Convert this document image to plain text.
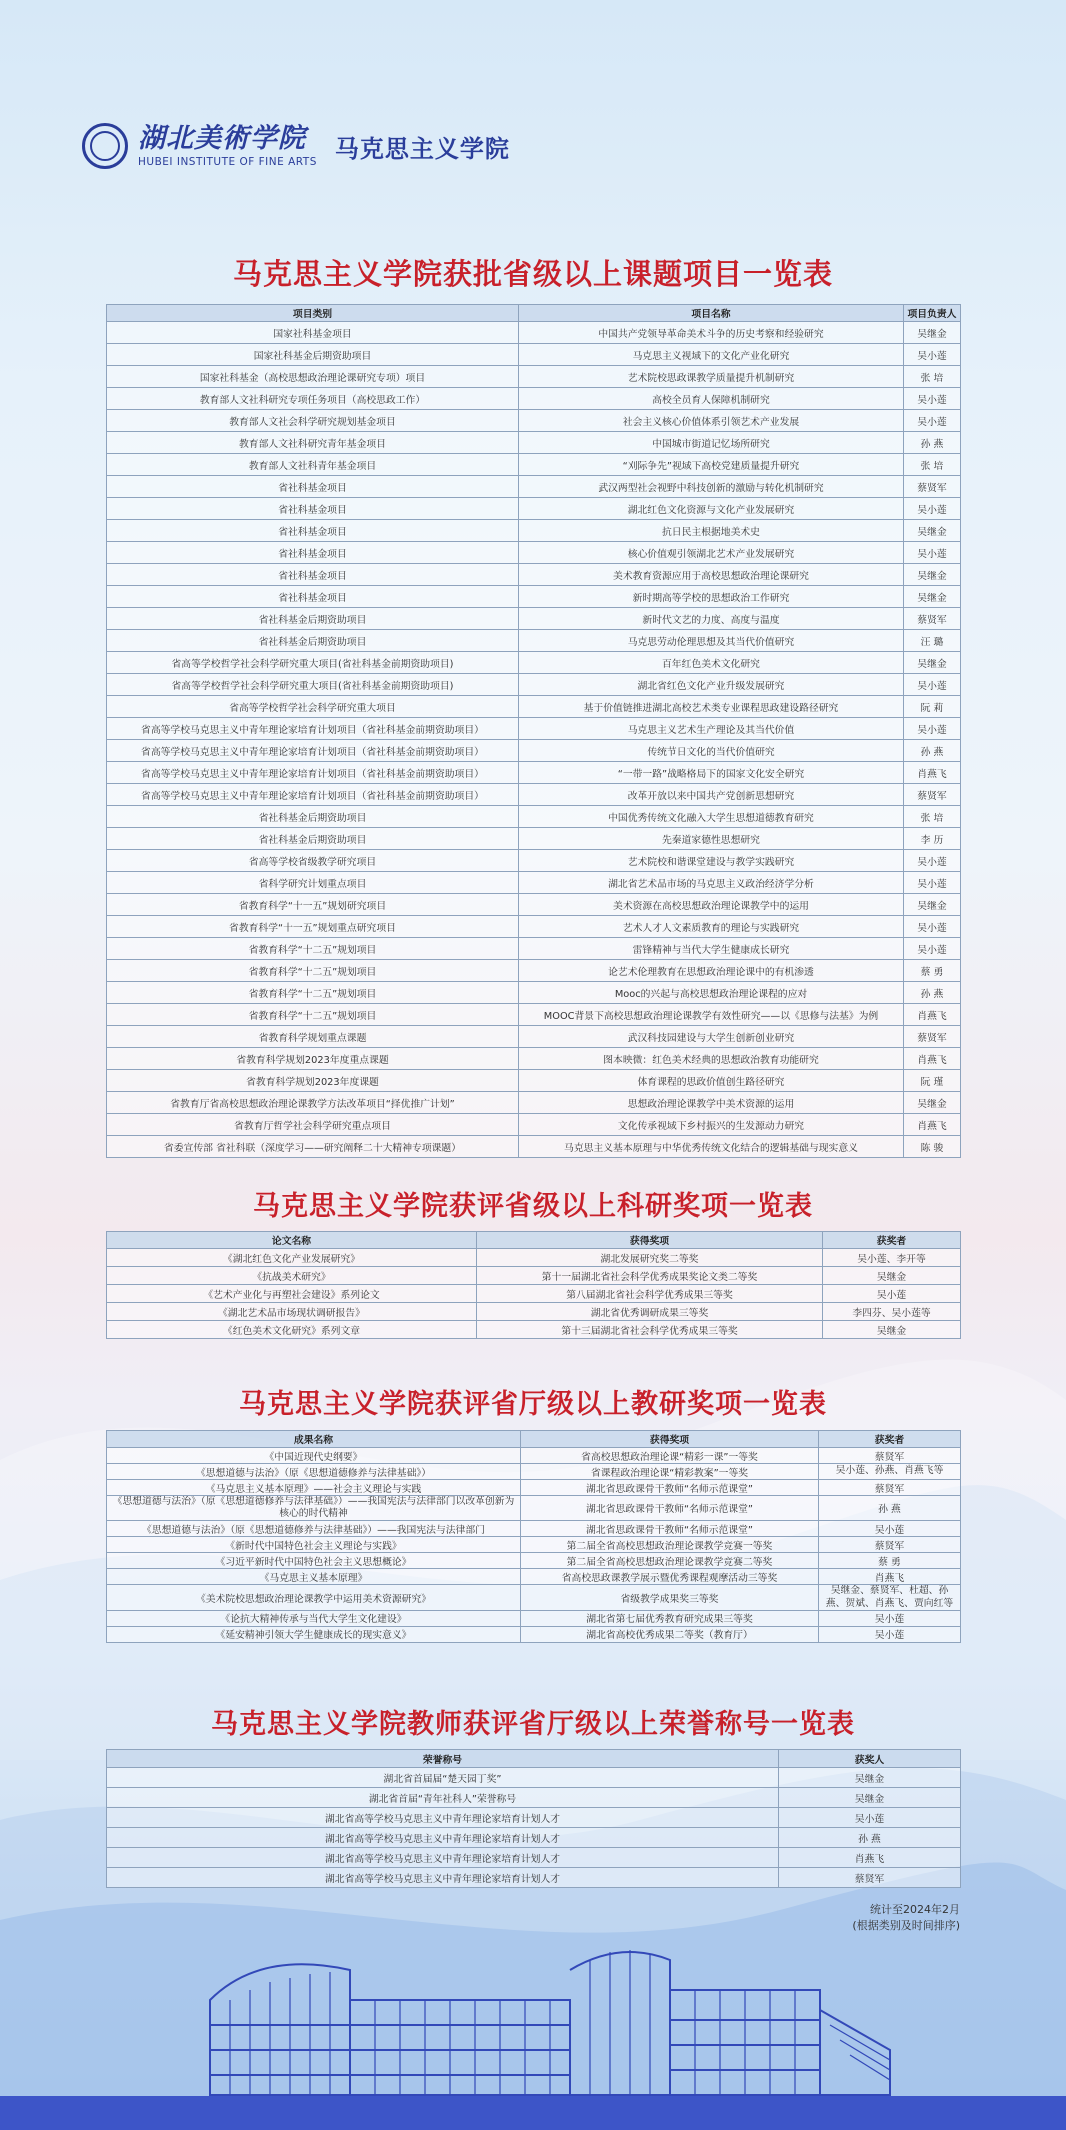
湖北美術学院
HUBEI INSTITUTE OF FINE ARTS 马克思主义学院
马克思主义学院获批省级以上课题项目一览表
项目类别	项目名称	项目负责人
国家社科基金项目	中国共产党领导革命美术斗争的历史考察和经验研究	吴继金
国家社科基金后期资助项目	马克思主义视域下的文化产业化研究	吴小莲
国家社科基金（高校思想政治理论课研究专项）项目	艺术院校思政课教学质量提升机制研究	张 培
教育部人文社科研究专项任务项目（高校思政工作）	高校全员育人保障机制研究	吴小莲
教育部人文社会科学研究规划基金项目	社会主义核心价值体系引领艺术产业发展	吴小莲
教育部人文社科研究青年基金项目	中国城市街道记忆场所研究	孙 燕
教育部人文社科青年基金项目	“刈际争先”视域下高校党建质量提升研究	张 培
省社科基金项目	武汉两型社会视野中科技创新的激励与转化机制研究	蔡贤军
省社科基金项目	湖北红色文化资源与文化产业发展研究	吴小莲
省社科基金项目	抗日民主根据地美术史	吴继金
省社科基金项目	核心价值观引领湖北艺术产业发展研究	吴小莲
省社科基金项目	美术教育资源应用于高校思想政治理论课研究	吴继金
省社科基金项目	新时期高等学校的思想政治工作研究	吴继金
省社科基金后期资助项目	新时代文艺的力度、高度与温度	蔡贤军
省社科基金后期资助项目	马克思劳动伦理思想及其当代价值研究	汪 璐
省高等学校哲学社会科学研究重大项目(省社科基金前期资助项目)	百年红色美术文化研究	吴继金
省高等学校哲学社会科学研究重大项目(省社科基金前期资助项目)	湖北省红色文化产业升级发展研究	吴小莲
省高等学校哲学社会科学研究重大项目	基于价值链推进湖北高校艺术类专业课程思政建设路径研究	阮 莉
省高等学校马克思主义中青年理论家培育计划项目（省社科基金前期资助项目）	马克思主义艺术生产理论及其当代价值	吴小莲
省高等学校马克思主义中青年理论家培育计划项目（省社科基金前期资助项目）	传统节日文化的当代价值研究	孙 燕
省高等学校马克思主义中青年理论家培育计划项目（省社科基金前期资助项目）	“一带一路”战略格局下的国家文化安全研究	肖燕飞
省高等学校马克思主义中青年理论家培育计划项目（省社科基金前期资助项目）	改革开放以来中国共产党创新思想研究	蔡贤军
省社科基金后期资助项目	中国优秀传统文化融入大学生思想道德教育研究	张 培
省社科基金后期资助项目	先秦道家德性思想研究	李 历
省高等学校省级教学研究项目	艺术院校和谐课堂建设与教学实践研究	吴小莲
省科学研究计划重点项目	湖北省艺术品市场的马克思主义政治经济学分析	吴小莲
省教育科学“十一五”规划研究项目	美术资源在高校思想政治理论课教学中的运用	吴继金
省教育科学“十一五”规划重点研究项目	艺术人才人文素质教育的理论与实践研究	吴小莲
省教育科学“十二五”规划项目	雷锋精神与当代大学生健康成长研究	吴小莲
省教育科学“十二五”规划项目	论艺术伦理教育在思想政治理论课中的有机渗透	蔡 勇
省教育科学“十二五”规划项目	Mooc的兴起与高校思想政治理论课程的应对	孙 燕
省教育科学“十二五”规划项目	MOOC背景下高校思想政治理论课教学有效性研究——以《思修与法基》为例	肖燕飞
省教育科学规划重点课题	武汉科技园建设与大学生创新创业研究	蔡贤军
省教育科学规划2023年度重点课题	图本映微：红色美术经典的思想政治教育功能研究	肖燕飞
省教育科学规划2023年度课题	体育课程的思政价值创生路径研究	阮 瑾
省教育厅省高校思想政治理论课教学方法改革项目“择优推广计划”	思想政治理论课教学中美术资源的运用	吴继金
省教育厅哲学社会科学研究重点项目	文化传承视域下乡村振兴的生发源动力研究	肖燕飞
省委宣传部 省社科联（深度学习——研究阐释二十大精神专项课题）	马克思主义基本原理与中华优秀传统文化结合的逻辑基础与现实意义	陈 骏
马克思主义学院获评省级以上科研奖项一览表
论文名称	获得奖项	获奖者
《湖北红色文化产业发展研究》	湖北发展研究奖二等奖	吴小莲、李开等
《抗战美术研究》	第十一届湖北省社会科学优秀成果奖论文类二等奖	吴继金
《艺术产业化与再塑社会建设》系列论文	第八届湖北省社会科学优秀成果三等奖	吴小莲
《湖北艺术品市场现状调研报告》	湖北省优秀调研成果三等奖	李四芬、吴小莲等
《红色美术文化研究》系列文章	第十三届湖北省社会科学优秀成果三等奖	吴继金
马克思主义学院获评省厅级以上教研奖项一览表
成果名称	获得奖项	获奖者
《中国近现代史纲要》	省高校思想政治理论课“精彩一课”一等奖	蔡贤军
《思想道德与法治》（原《思想道德修养与法律基础》）	省课程政治理论课“精彩教案”一等奖	吴小莲、孙燕、肖燕飞等
《马克思主义基本原理》——社会主义理论与实践	湖北省思政课骨干教师“名师示范课堂”	蔡贤军
《思想道德与法治》（原《思想道德修养与法律基础》）——我国宪法与法律部门以改革创新为核心的时代精神	湖北省思政课骨干教师“名师示范课堂”	孙 燕
《思想道德与法治》（原《思想道德修养与法律基础》）——我国宪法与法律部门	湖北省思政课骨干教师“名师示范课堂”	吴小莲
《新时代中国特色社会主义理论与实践》	第二届全省高校思想政治理论课教学竞赛一等奖	蔡贤军
《习近平新时代中国特色社会主义思想概论》	第二届全省高校思想政治理论课教学竞赛二等奖	蔡 勇
《马克思主义基本原理》	省高校思政课教学展示暨优秀课程观摩活动三等奖	肖燕飞
《美术院校思想政治理论课教学中运用美术资源研究》	省级教学成果奖三等奖	吴继金、蔡贤军、杜超、孙燕、贺斌、肖燕飞、贾向红等
《论抗大精神传承与当代大学生文化建设》	湖北省第七届优秀教育研究成果三等奖	吴小莲
《延安精神引领大学生健康成长的现实意义》	湖北省高校优秀成果二等奖（教育厅）	吴小莲
马克思主义学院教师获评省厅级以上荣誉称号一览表
荣誉称号	获奖人
湖北省首届届“楚天园丁奖”	吴继金
湖北省首届“青年社科人”荣誉称号	吴继金
湖北省高等学校马克思主义中青年理论家培育计划人才	吴小莲
湖北省高等学校马克思主义中青年理论家培育计划人才	孙 燕
湖北省高等学校马克思主义中青年理论家培育计划人才	肖燕飞
湖北省高等学校马克思主义中青年理论家培育计划人才	蔡贤军
统计至2024年2月
(根据类别及时间排序)
